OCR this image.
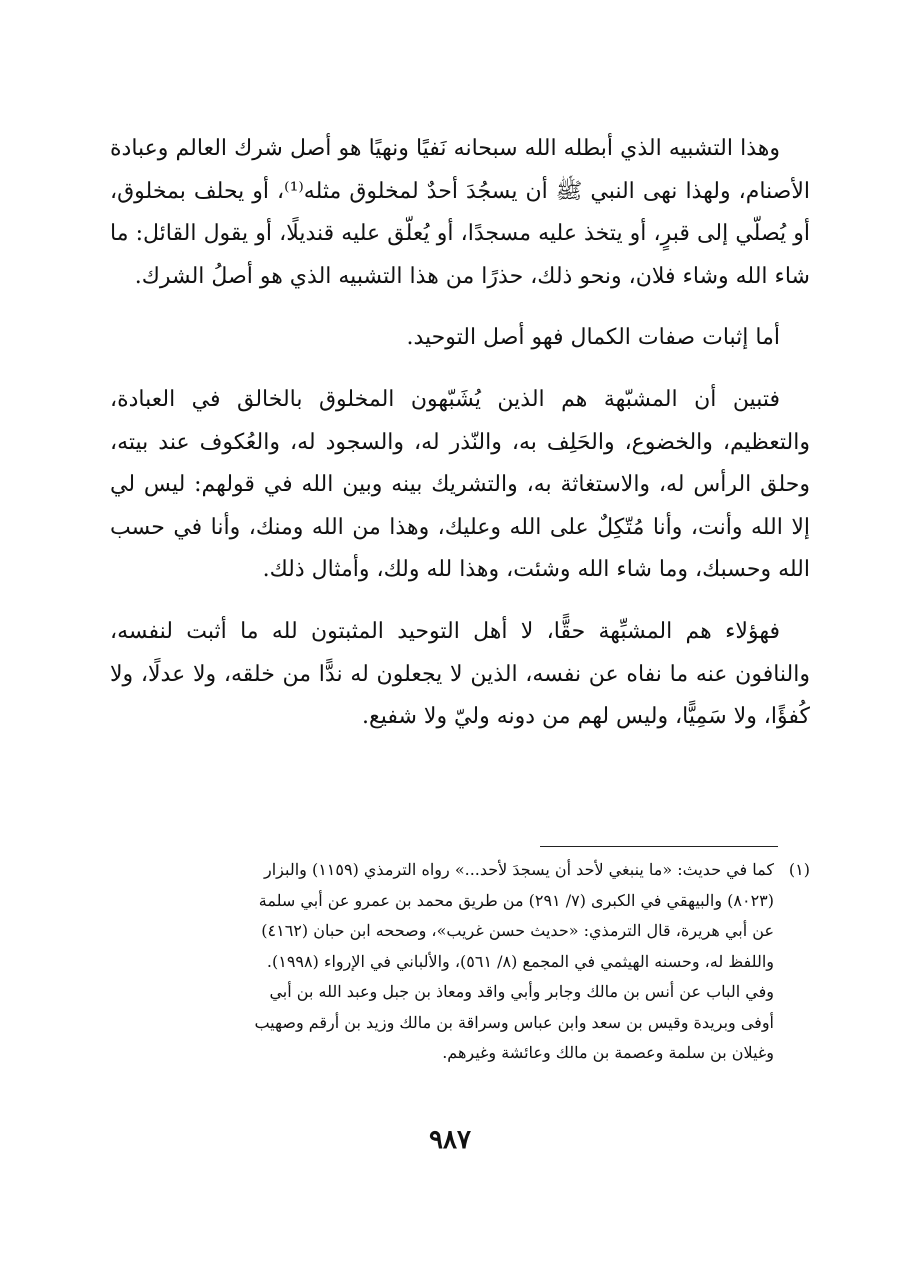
وهذا التشبيه الذي أبطله الله سبحانه نَفيًا ونهيًا هو أصل شرك العالم وعبادة الأصنام، ولهذا نهى النبي ﷺ أن يسجُدَ أحدٌ لمخلوق مثله⁽¹⁾، أو يحلف بمخلوق، أو يُصلّي إلى قبرٍ، أو يتخذ عليه مسجدًا، أو يُعلّق عليه قنديلًا، أو يقول القائل: ما شاء الله وشاء فلان، ونحو ذلك، حذرًا من هذا التشبيه الذي هو أصلُ الشرك.

أما إثبات صفات الكمال فهو أصل التوحيد.

فتبين أن المشبّهة هم الذين يُشَبّهون المخلوق بالخالق في العبادة، والتعظيم، والخضوع، والحَلِف به، والنّذر له، والسجود له، والعُكوف عند بيته، وحلق الرأس له، والاستغاثة به، والتشريك بينه وبين الله في قولهم: ليس لي إلا الله وأنت، وأنا مُتّكِلٌ على الله وعليك، وهذا من الله ومنك، وأنا في حسب الله وحسبك، وما شاء الله وشئت، وهذا لله ولك، وأمثال ذلك.

فهؤلاء هم المشبِّهة حقًّا، لا أهل التوحيد المثبتون لله ما أثبت لنفسه، والنافون عنه ما نفاه عن نفسه، الذين لا يجعلون له ندًّا من خلقه، ولا عدلًا، ولا كُفؤًا، ولا سَمِيًّا، وليس لهم من دونه وليّ ولا شفيع.

(١)
كما في حديث: «ما ينبغي لأحد أن يسجدَ لأحد...» رواه الترمذي (١١٥٩) والبزار
(٨٠٢٣) والبيهقي في الكبرى (٧/ ٢٩١) من طريق محمد بن عمرو عن أبي سلمة
عن أبي هريرة، قال الترمذي: «حديث حسن غريب»، وصححه ابن حبان (٤١٦٢)
واللفظ له، وحسنه الهيثمي في المجمع (٨/ ٥٦١)، والألباني في الإرواء (١٩٩٨).
وفي الباب عن أنس بن مالك وجابر وأبي واقد ومعاذ بن جبل وعبد الله بن أبي
أوفى وبريدة وقيس بن سعد وابن عباس وسراقة بن مالك وزيد بن أرقم وصهيب
وغيلان بن سلمة وعصمة بن مالك وعائشة وغيرهم.
٩٨٧
